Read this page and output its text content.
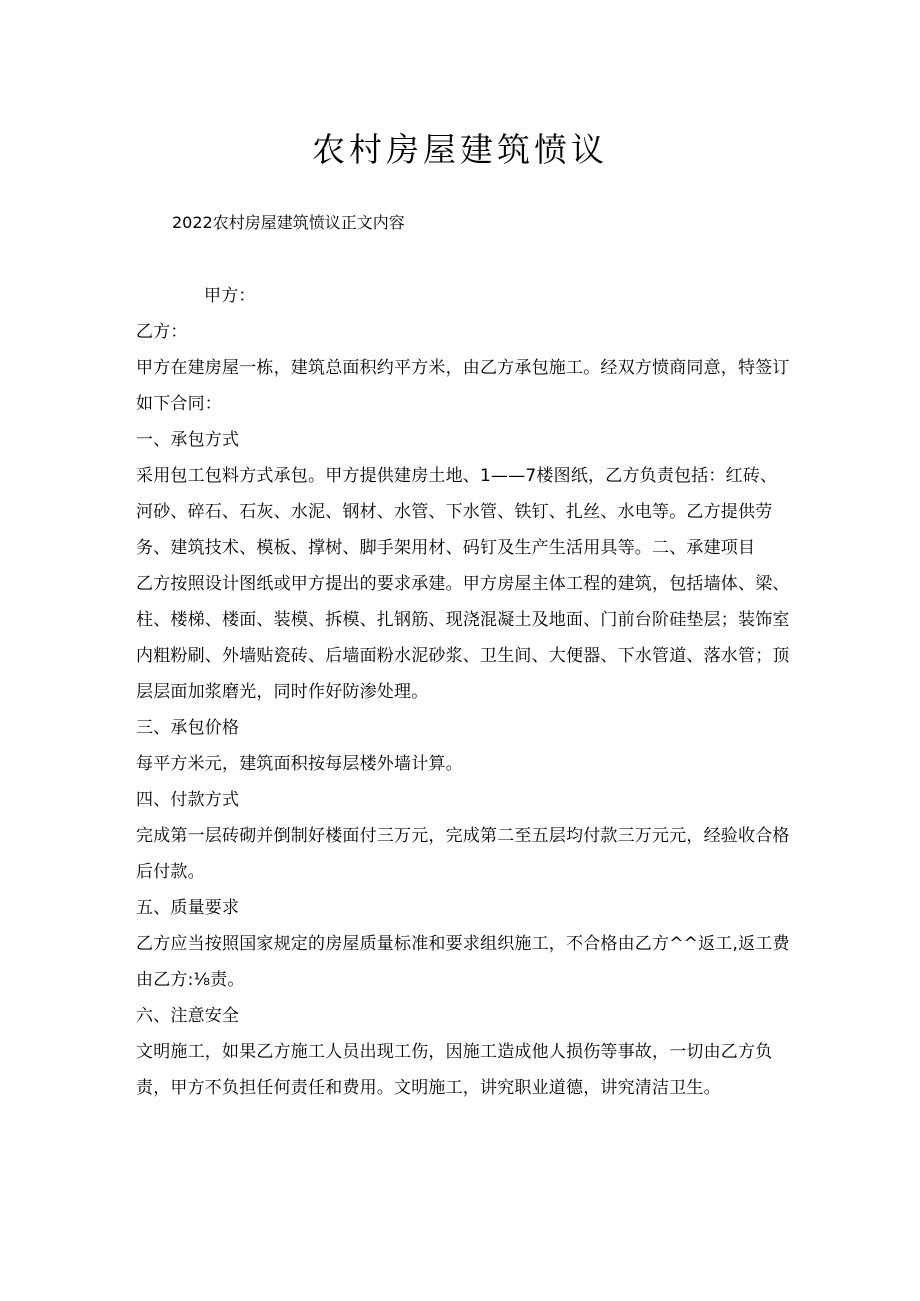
农村房屋建筑愤议
2022农村房屋建筑愤议正文内容
甲方：
乙方：
甲方在建房屋一栋，建筑总面积约平方米，由乙方承包施工。经双方愤商同意，特签订
如下合同：
一、承包方式
采用包工包料方式承包。甲方提供建房土地、1——7楼图纸，乙方负责包括：红砖、
河砂、碎石、石灰、水泥、钢材、水管、下水管、铁钉、扎丝、水电等。乙方提供劳
务、建筑技术、模板、撑树、脚手架用材、码钉及生产生活用具等。二、承建项目
乙方按照设计图纸或甲方提出的要求承建。甲方房屋主体工程的建筑，包括墙体、梁、
柱、楼梯、楼面、装模、拆模、扎钢筋、现浇混凝土及地面、门前台阶硅垫层；装饰室
内粗粉刷、外墙贴瓷砖、后墙面粉水泥砂浆、卫生间、大便器、下水管道、落水管；顶
层层面加浆磨光，同时作好防渗处理。
三、承包价格
每平方米元，建筑面积按每层楼外墙计算。
四、付款方式
完成第一层砖砌并倒制好楼面付三万元，完成第二至五层均付款三万元元，经验收合格
后付款。
五、质量要求
乙方应当按照国家规定的房屋质量标准和要求组织施工，不合格由乙方^^返工,返工费
由乙方:⅛责。
六、注意安全
文明施工，如果乙方施工人员出现工伤，因施工造成他人损伤等事故，一切由乙方负
责，甲方不负担任何责任和费用。文明施工，讲究职业道德，讲究清洁卫生。
